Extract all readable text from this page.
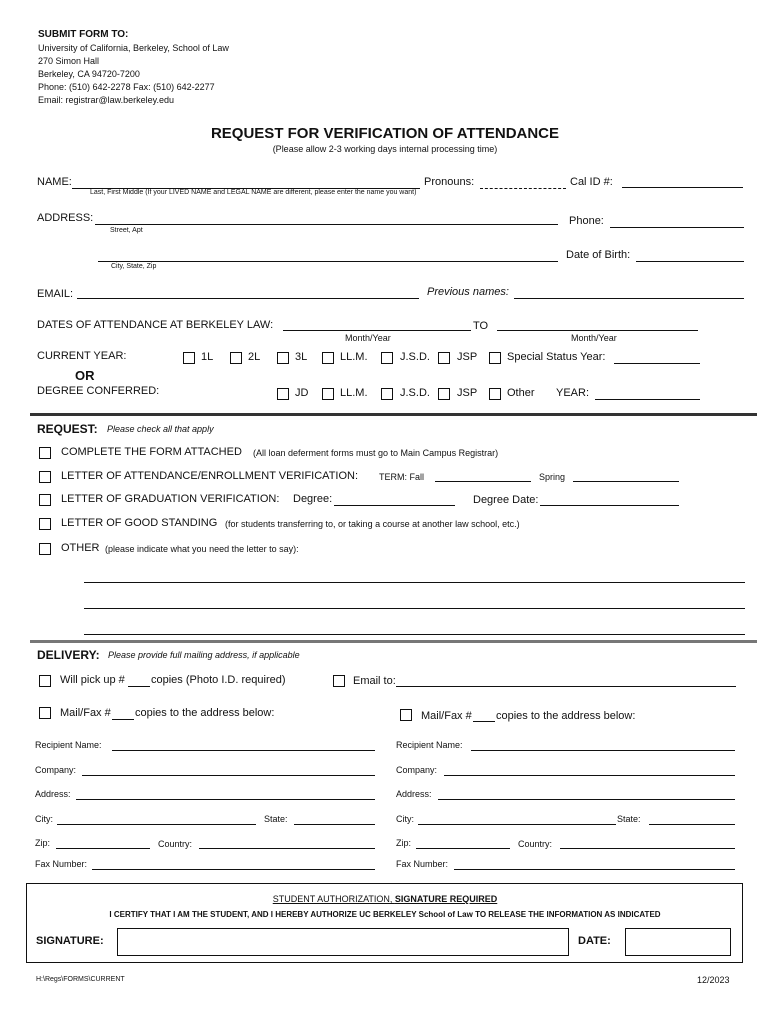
SUBMIT FORM TO:
University of California, Berkeley, School of Law
270 Simon Hall
Berkeley, CA 94720-7200
Phone: (510) 642-2278 Fax: (510) 642-2277
Email: registrar@law.berkeley.edu
REQUEST FOR VERIFICATION OF ATTENDANCE
(Please allow 2-3 working days internal processing time)
NAME:
Last, First Middle (If your LIVED NAME and LEGAL NAME are different, please enter the name you want)
Pronouns:	Cal ID #:
ADDRESS:
Street, Apt
Phone:
City, State, Zip
Date of Birth:
EMAIL:	Previous names:
DATES OF ATTENDANCE AT BERKELEY LAW:	TO
Month/Year	Month/Year
CURRENT YEAR:	1L	2L	3L	LL.M.	J.S.D. JSP	Special Status Year:
OR
DEGREE CONFERRED:	JD	LL.M.	J.S.D. JSP	Other YEAR:
REQUEST: Please check all that apply
COMPLETE THE FORM ATTACHED (All loan deferment forms must go to Main Campus Registrar)
LETTER OF ATTENDANCE/ENROLLMENT VERIFICATION: TERM: Fall	Spring
LETTER OF GRADUATION VERIFICATION: Degree:	Degree Date:
LETTER OF GOOD STANDING (for students transferring to, or taking a course at another law school, etc.)
OTHER (please indicate what you need the letter to say):
DELIVERY: Please provide full mailing address, if applicable
Will pick up # copies (Photo I.D. required)	Email to:
Mail/Fax # copies to the address below:	Mail/Fax # copies to the address below:
Recipient Name:
Company:
Address:
City:	State:
Zip:	Country:
Fax Number:
Recipient Name:
Company:
Address:
City:	State:
Zip:	Country:
Fax Number:
STUDENT AUTHORIZATION, SIGNATURE REQUIRED
I CERTIFY THAT I AM THE STUDENT, AND I HEREBY AUTHORIZE UC BERKELEY School of Law TO RELEASE THE INFORMATION AS INDICATED
SIGNATURE:	DATE:
H:\Regs\FORMS\CURRENT	12/2023
